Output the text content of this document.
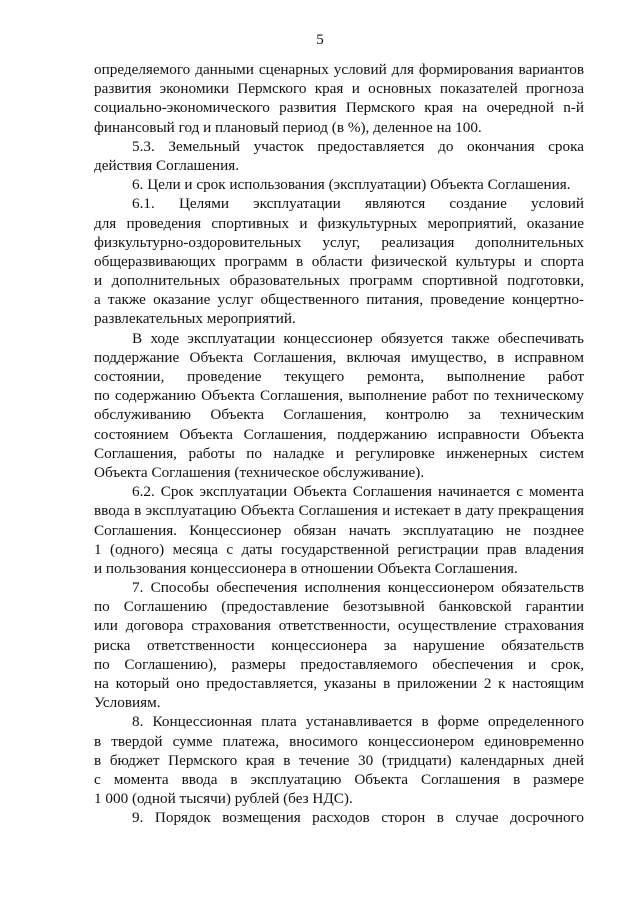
5
определяемого данными сценарных условий для формирования вариантов
развития экономики Пермского края и основных показателей прогноза
социально-экономического развития Пермского края на очередной n-й
финансовый год и плановый период (в %), деленное на 100.
5.3. Земельный участок предоставляется до окончания срока
действия Соглашения.
6. Цели и срок использования (эксплуатации) Объекта Соглашения.
6.1. Целями эксплуатации являются создание условий
для проведения спортивных и физкультурных мероприятий, оказание
физкультурно-оздоровительных услуг, реализация дополнительных
общеразвивающих программ в области физической культуры и спорта
и дополнительных образовательных программ спортивной подготовки,
а также оказание услуг общественного питания, проведение концертно-
развлекательных мероприятий.
В ходе эксплуатации концессионер обязуется также обеспечивать
поддержание Объекта Соглашения, включая имущество, в исправном
состоянии, проведение текущего ремонта, выполнение работ
по содержанию Объекта Соглашения, выполнение работ по техническому
обслуживанию Объекта Соглашения, контролю за техническим
состоянием Объекта Соглашения, поддержанию исправности Объекта
Соглашения, работы по наладке и регулировке инженерных систем
Объекта Соглашения (техническое обслуживание).
6.2. Срок эксплуатации Объекта Соглашения начинается с момента
ввода в эксплуатацию Объекта Соглашения и истекает в дату прекращения
Соглашения. Концессионер обязан начать эксплуатацию не позднее
1 (одного) месяца с даты государственной регистрации прав владения
и пользования концессионера в отношении Объекта Соглашения.
7. Способы обеспечения исполнения концессионером обязательств
по Соглашению (предоставление безотзывной банковской гарантии
или договора страхования ответственности, осуществление страхования
риска ответственности концессионера за нарушение обязательств
по Соглашению), размеры предоставляемого обеспечения и срок,
на который оно предоставляется, указаны в приложении 2 к настоящим
Условиям.
8. Концессионная плата устанавливается в форме определенного
в твердой сумме платежа, вносимого концессионером единовременно
в бюджет Пермского края в течение 30 (тридцати) календарных дней
с момента ввода в эксплуатацию Объекта Соглашения в размере
1 000 (одной тысячи) рублей (без НДС).
9. Порядок возмещения расходов сторон в случае досрочного
